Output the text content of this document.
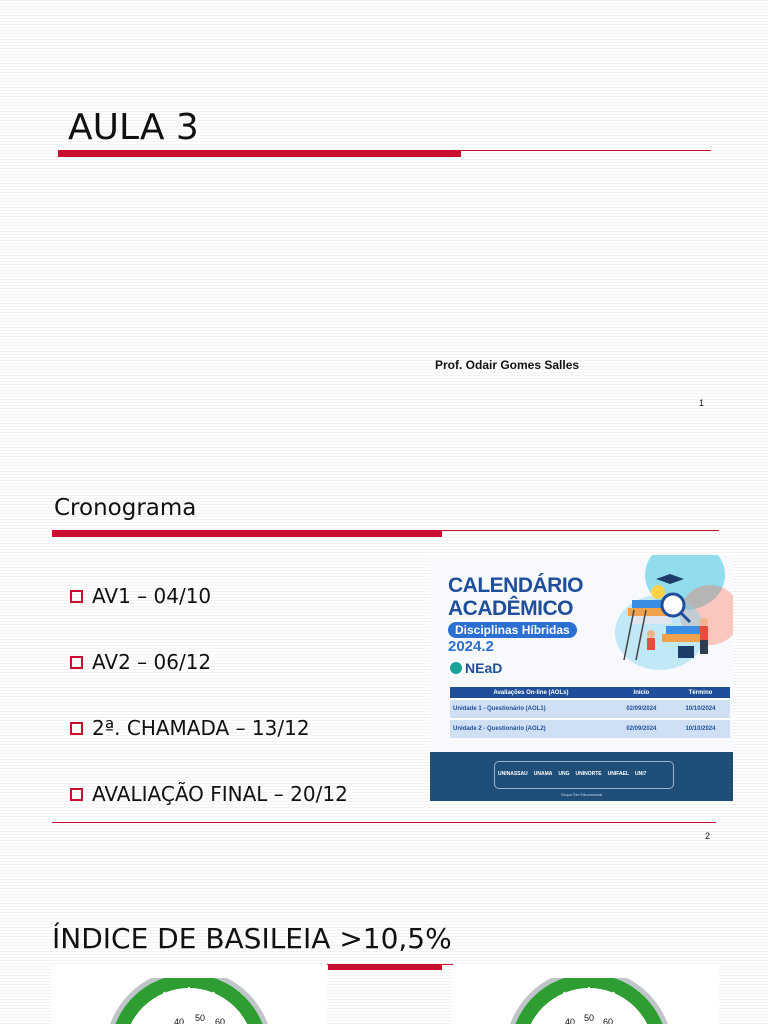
AULA 3
Prof. Odair Gomes Salles
1
Cronograma
AV1 – 04/10
AV2 – 06/12
2ª. CHAMADA – 13/12
AVALIAÇÃO FINAL – 20/12
CALENDÁRIO
ACADÊMICO
Disciplinas Híbridas
2024.2
NEaD
Avaliações On-line (AOLs)	Início	Término
Unidade 1 - Questionário (AOL1)	02/09/2024	10/10/2024
Unidade 2 - Questionário (AOL2)	02/09/2024	10/10/2024
UNINASSAU UNAMA UNG UNINORTE UNIFAEL UNI7
Grupo Ser Educacional
2
ÍNDICE DE BASILEIA >10,5%
40 50 60	40 50 60
